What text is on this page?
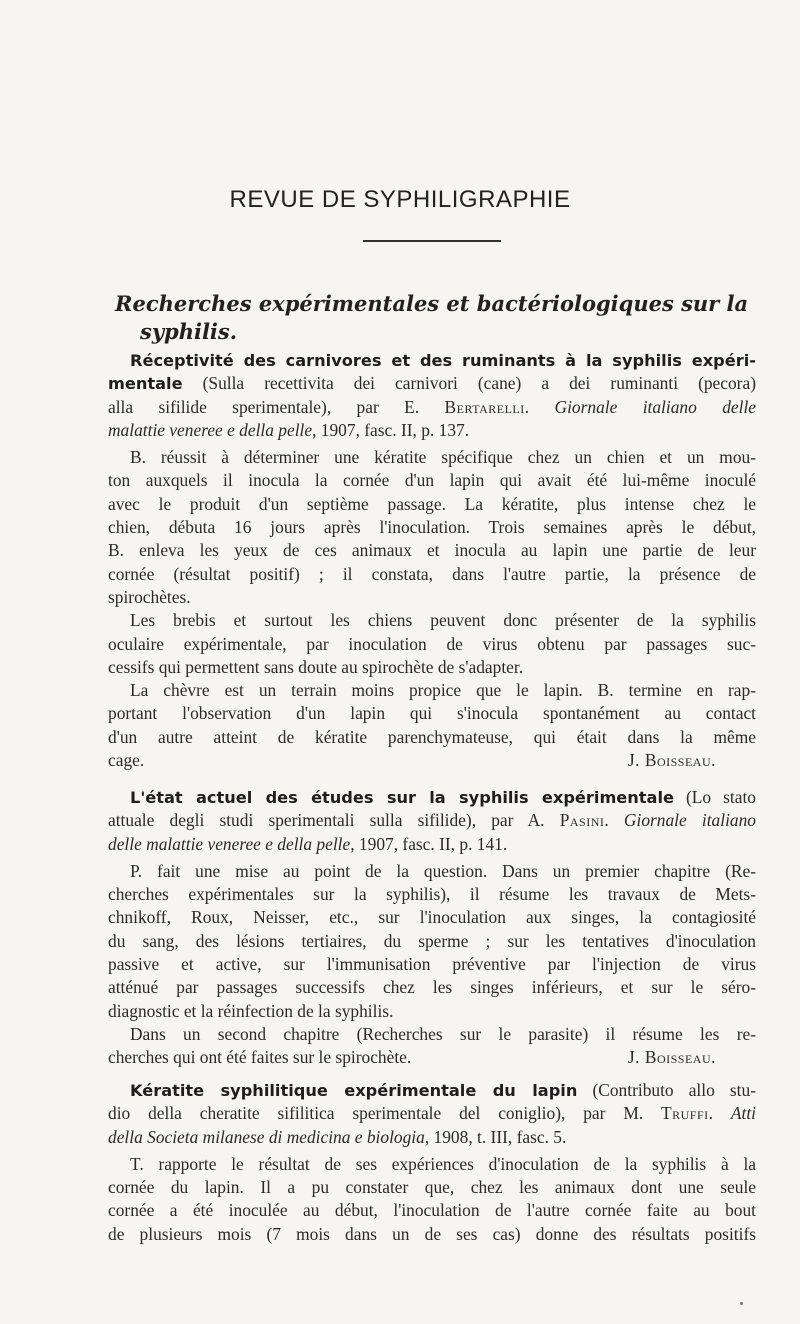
REVUE DE SYPHILIGRAPHIE
Recherches expérimentales et bactériologiques sur la
syphilis.
Réceptivité des carnivores et des ruminants à la syphilis expéri-
mentale (Sulla recettivita dei carnivori (cane) a dei ruminanti (pecora)
alla sifilide sperimentale), par E. Bertarelli. Giornale italiano delle
malattie veneree e della pelle, 1907, fasc. II, p. 137.
B. réussit à déterminer une kératite spécifique chez un chien et un mou-
ton auxquels il inocula la cornée d'un lapin qui avait été lui-même inoculé
avec le produit d'un septième passage. La kératite, plus intense chez le
chien, débuta 16 jours après l'inoculation. Trois semaines après le début,
B. enleva les yeux de ces animaux et inocula au lapin une partie de leur
cornée (résultat positif) ; il constata, dans l'autre partie, la présence de
spirochètes.
Les brebis et surtout les chiens peuvent donc présenter de la syphilis
oculaire expérimentale, par inoculation de virus obtenu par passages suc-
cessifs qui permettent sans doute au spirochète de s'adapter.
La chèvre est un terrain moins propice que le lapin. B. termine en rap-
portant l'observation d'un lapin qui s'inocula spontanément au contact
d'un autre atteint de kératite parenchymateuse, qui était dans la même
cage.	J. Boisseau.
L'état actuel des études sur la syphilis expérimentale (Lo stato
attuale degli studi sperimentali sulla sifilide), par A. Pasini. Giornale italiano
delle malattie veneree e della pelle, 1907, fasc. II, p. 141.
P. fait une mise au point de la question. Dans un premier chapitre (Re-
cherches expérimentales sur la syphilis), il résume les travaux de Mets-
chnikoff, Roux, Neisser, etc., sur l'inoculation aux singes, la contagiosité
du sang, des lésions tertiaires, du sperme ; sur les tentatives d'inoculation
passive et active, sur l'immunisation préventive par l'injection de virus
atténué par passages successifs chez les singes inférieurs, et sur le séro-
diagnostic et la réinfection de la syphilis.
Dans un second chapitre (Recherches sur le parasite) il résume les re-
cherches qui ont été faites sur le spirochète.	J. Boisseau.
Kératite syphilitique expérimentale du lapin (Contributo allo stu-
dio della cheratite sifilitica sperimentale del coniglio), par M. Truffi. Atti
della Societa milanese di medicina e biologia, 1908, t. III, fasc. 5.
T. rapporte le résultat de ses expériences d'inoculation de la syphilis à la
cornée du lapin. Il a pu constater que, chez les animaux dont une seule
cornée a été inoculée au début, l'inoculation de l'autre cornée faite au bout
de plusieurs mois (7 mois dans un de ses cas) donne des résultats positifs
